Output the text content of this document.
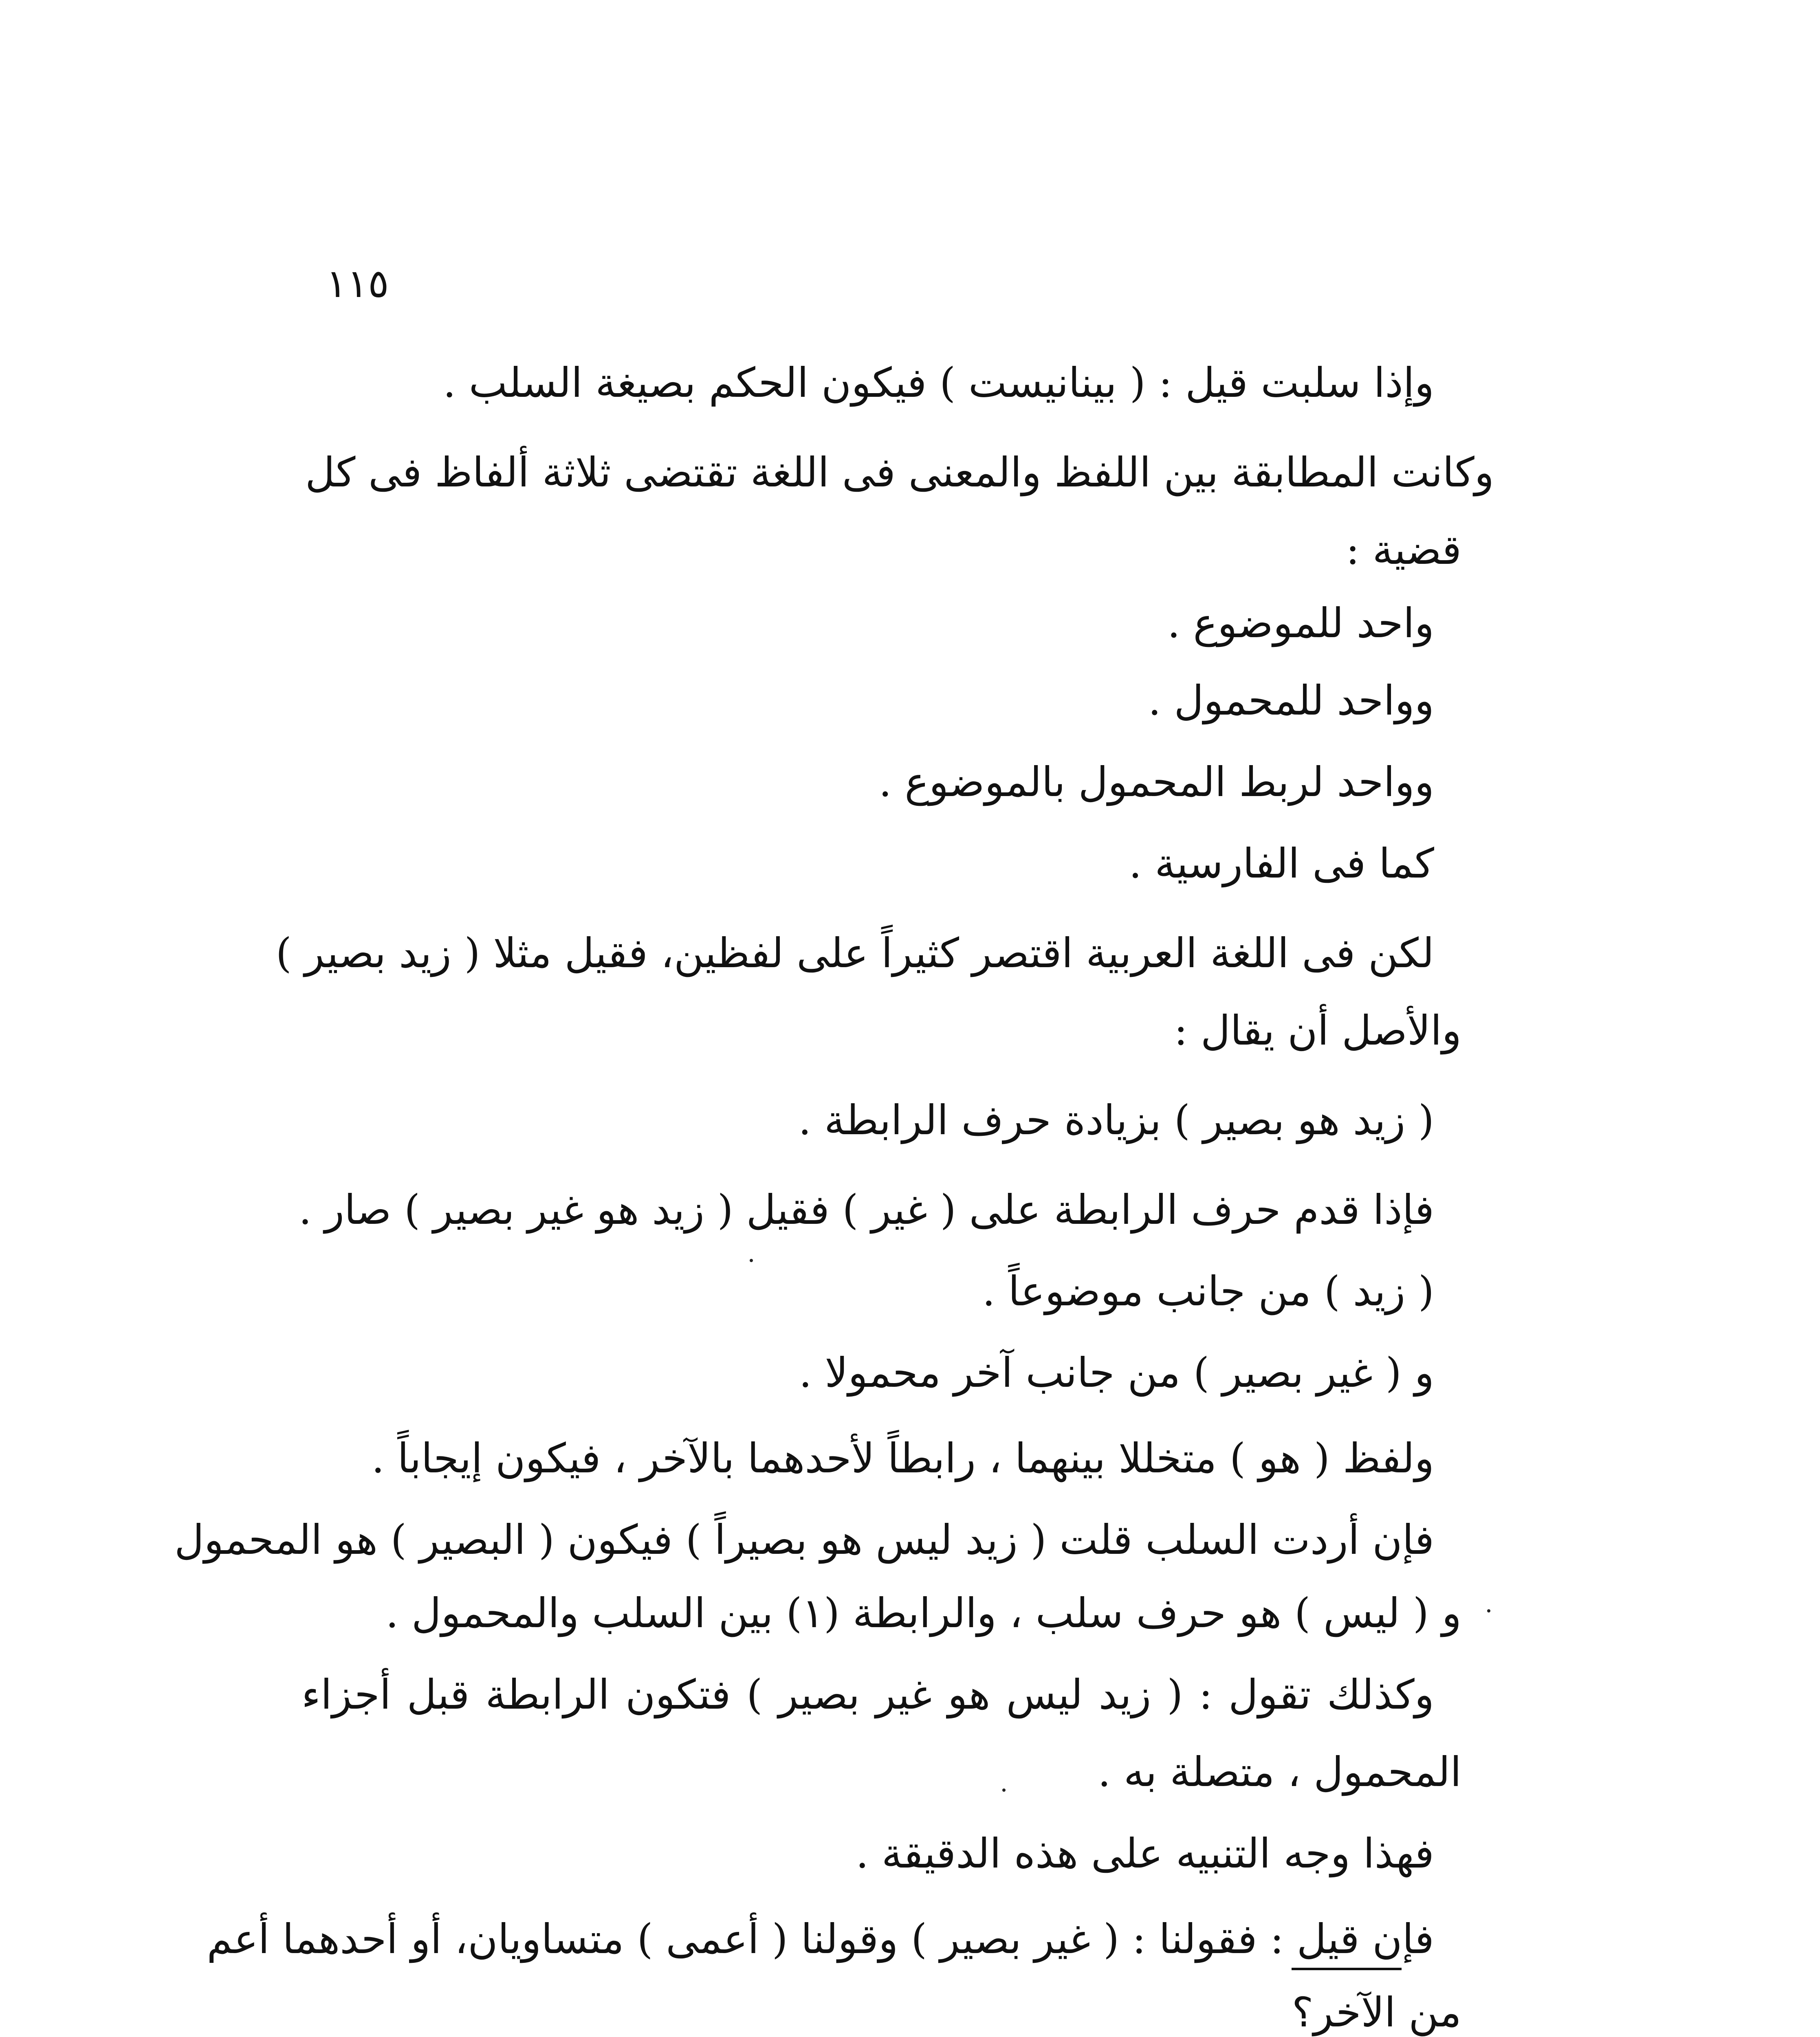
١١٥
وإذا سلبت قيل : ( بينانيست ) فيكون الحكم بصيغة السلب .
وكانت المطابقة بين اللفظ والمعنى فى اللغة تقتضى ثلاثة ألفاظ فى كل
قضية :
واحد للموضوع .
وواحد للمحمول .
وواحد لربط المحمول بالموضوع .
كما فى الفارسية .
لكن فى اللغة العربية اقتصر كثيراً على لفظين، فقيل مثلا ( زيد بصير )
والأصل أن يقال :
( زيد هو بصير ) بزيادة حرف الرابطة .
فإذا قدم حرف الرابطة على ( غير ) فقيل ( زيد هو غير بصير ) صار .
( زيد ) من جانب موضوعاً .
و ( غير بصير ) من جانب آخر محمولا .
ولفظ ( هو ) متخللا بينهما ، رابطاً لأحدهما بالآخر ، فيكون إيجاباً .
فإن أردت السلب قلت ( زيد ليس هو بصيراً ) فيكون ( البصير ) هو المحمول
و ( ليس ) هو حرف سلب ، والرابطة (١) بين السلب والمحمول .
وكذلك تقول : ( زيد ليس هو غير بصير ) فتكون الرابطة قبل أجزاء
المحمول ، متصلة به .
فهذا وجه التنبيه على هذه الدقيقة .
فإن قيل : فقولنا : ( غير بصير ) وقولنا ( أعمى ) متساويان، أو أحدهما أعم
من الآخر؟
